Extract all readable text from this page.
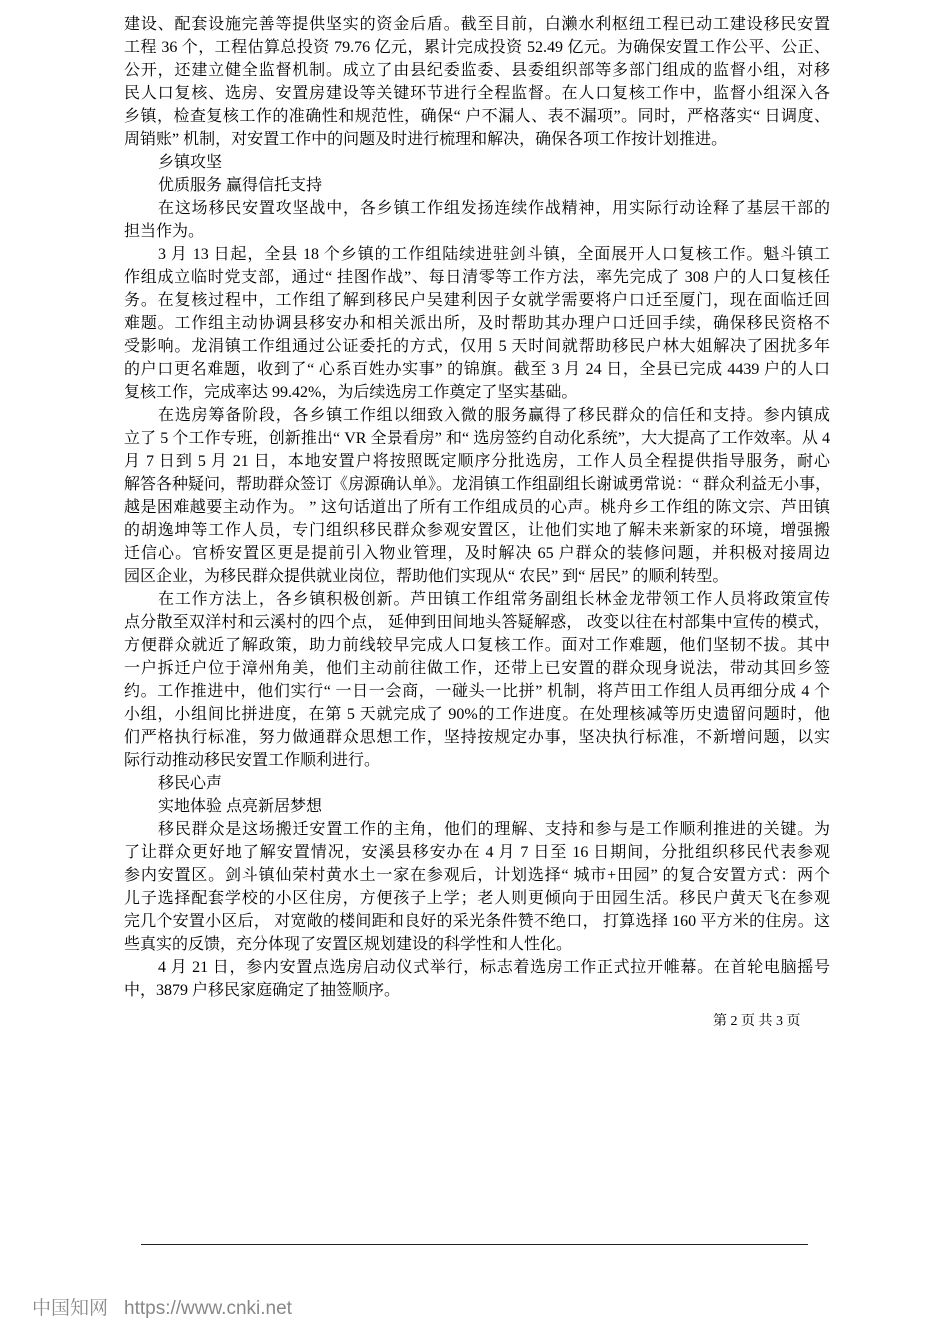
建设、配套设施完善等提供坚实的资金后盾。截至目前，白濑水利枢纽工程已动工建设移民安置
工程 36 个，工程估算总投资 79.76 亿元，累计完成投资 52.49 亿元。为确保安置工作公平、公正、
公开，还建立健全监督机制。成立了由县纪委监委、县委组织部等多部门组成的监督小组，对移
民人口复核、选房、安置房建设等关键环节进行全程监督。在人口复核工作中，监督小组深入各
乡镇，检查复核工作的准确性和规范性，确保“ 户不漏人、表不漏项”。同时，严格落实“ 日调度、
周销账” 机制，对安置工作中的问题及时进行梳理和解决，确保各项工作按计划推进。
乡镇攻坚
优质服务 赢得信托支持
在这场移民安置攻坚战中，各乡镇工作组发扬连续作战精神，用实际行动诠释了基层干部的
担当作为。
3 月 13 日起，全县 18 个乡镇的工作组陆续进驻剑斗镇，全面展开人口复核工作。魁斗镇工
作组成立临时党支部，通过“ 挂图作战”、每日清零等工作方法，率先完成了 308 户的人口复核任
务。在复核过程中，工作组了解到移民户吴建利因子女就学需要将户口迁至厦门，现在面临迁回
难题。工作组主动协调县移安办和相关派出所，及时帮助其办理户口迁回手续，确保移民资格不
受影响。龙涓镇工作组通过公证委托的方式，仅用 5 天时间就帮助移民户林大姐解决了困扰多年
的户口更名难题，收到了“ 心系百姓办实事” 的锦旗。截至 3 月 24 日，全县已完成 4439 户的人口
复核工作，完成率达 99.42%，为后续选房工作奠定了坚实基础。
在选房筹备阶段，各乡镇工作组以细致入微的服务赢得了移民群众的信任和支持。参内镇成
立了 5 个工作专班，创新推出“ VR 全景看房” 和“ 选房签约自动化系统”，大大提高了工作效率。从 4
月 7 日到 5 月 21 日，本地安置户将按照既定顺序分批选房，工作人员全程提供指导服务，耐心
解答各种疑问，帮助群众签订《房源确认单》。龙涓镇工作组副组长谢诚勇常说：“ 群众利益无小事，
越是困难越要主动作为。 ” 这句话道出了所有工作组成员的心声。桃舟乡工作组的陈文宗、芦田镇
的胡逸坤等工作人员，专门组织移民群众参观安置区，让他们实地了解未来新家的环境，增强搬
迁信心。官桥安置区更是提前引入物业管理，及时解决 65 户群众的装修问题，并积极对接周边
园区企业，为移民群众提供就业岗位，帮助他们实现从“ 农民” 到“ 居民” 的顺利转型。
在工作方法上，各乡镇积极创新。芦田镇工作组常务副组长林金龙带领工作人员将政策宣传
点分散至双洋村和云溪村的四个点， 延伸到田间地头答疑解惑， 改变以往在村部集中宣传的模式，
方便群众就近了解政策，助力前线较早完成人口复核工作。面对工作难题，他们坚韧不拔。其中
一户拆迁户位于漳州角美，他们主动前往做工作，还带上已安置的群众现身说法，带动其回乡签
约。工作推进中，他们实行“ 一日一会商，一碰头一比拼” 机制，将芦田工作组人员再细分成 4 个
小组，小组间比拼进度，在第 5 天就完成了 90%的工作进度。在处理核减等历史遗留问题时，他
们严格执行标准，努力做通群众思想工作，坚持按规定办事，坚决执行标准，不新增问题，以实
际行动推动移民安置工作顺利进行。
移民心声
实地体验 点亮新居梦想
移民群众是这场搬迁安置工作的主角，他们的理解、支持和参与是工作顺利推进的关键。为
了让群众更好地了解安置情况，安溪县移安办在 4 月 7 日至 16 日期间，分批组织移民代表参观
参内安置区。剑斗镇仙荣村黄水土一家在参观后，计划选择“ 城市+田园” 的复合安置方式：两个
儿子选择配套学校的小区住房，方便孩子上学；老人则更倾向于田园生活。移民户黄天飞在参观
完几个安置小区后， 对宽敞的楼间距和良好的采光条件赞不绝口， 打算选择 160 平方米的住房。这
些真实的反馈，充分体现了安置区规划建设的科学性和人性化。
4 月 21 日，参内安置点选房启动仪式举行，标志着选房工作正式拉开帷幕。在首轮电脑摇号
中，3879 户移民家庭确定了抽签顺序。
第 2 页 共 3 页
中国知网 https://www.cnki.net
